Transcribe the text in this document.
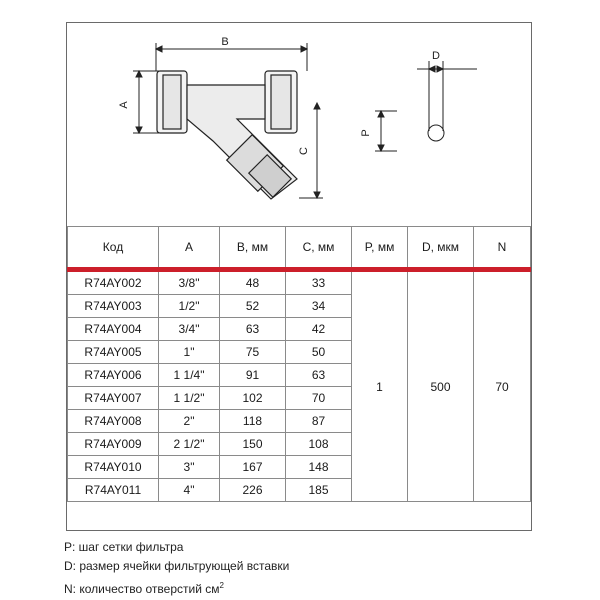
B
A
C
P
D
Код	A	B, мм	C, мм	P, мм	D, мкм	N
R74AY002	3/8"	48	33	1	500	70
R74AY003	1/2"	52	34			
R74AY004	3/4"	63	42			
R74AY005	1"	75	50			
R74AY006	1 1/4"	91	63			
R74AY007	1 1/2"	102	70			
R74AY008	2"	118	87			
R74AY009	2 1/2"	150	108			
R74AY010	3"	167	148			
R74AY011	4"	226	185			
P: шаг сетки фильтра
D: размер ячейки фильтрующей вставки
N: количество отверстий $см^2$
